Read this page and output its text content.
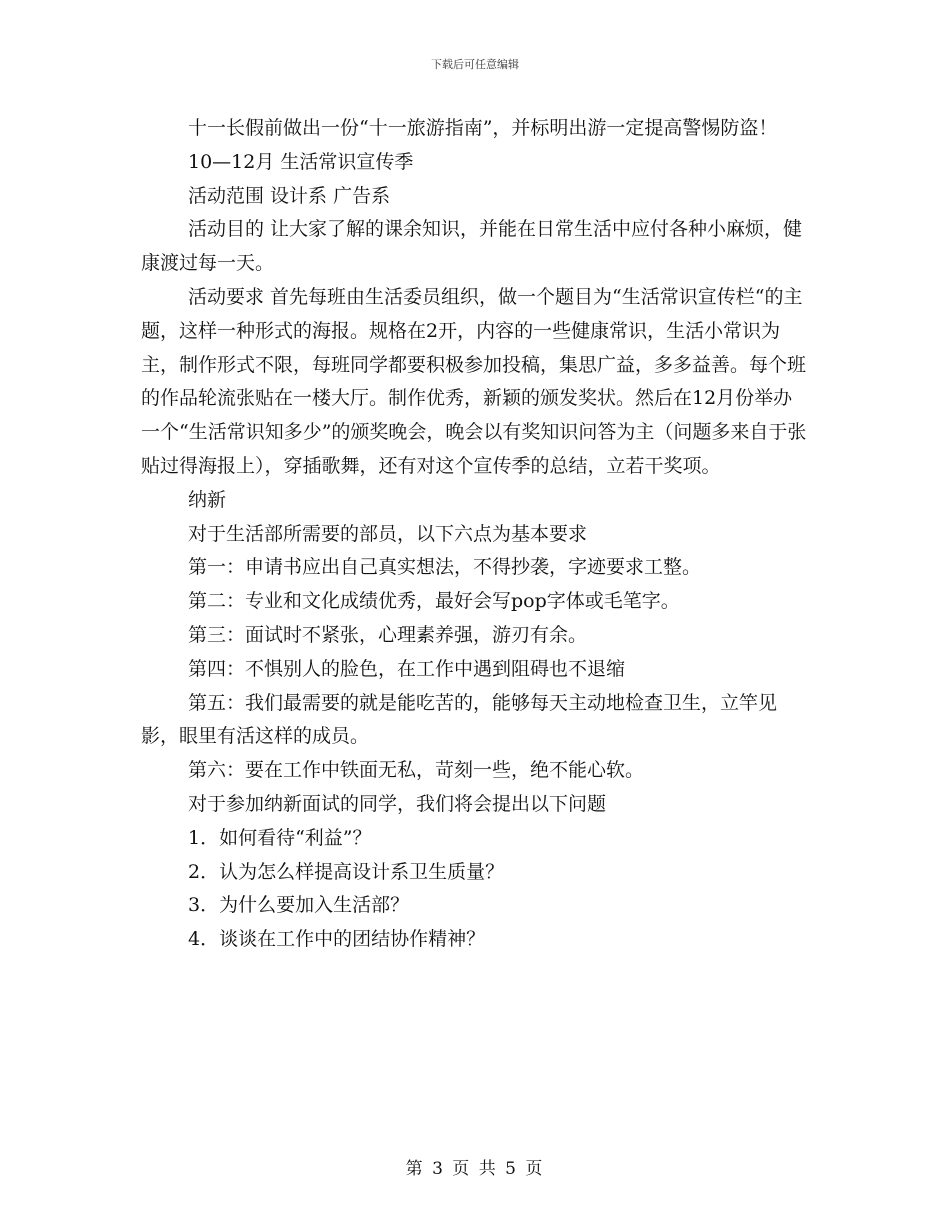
下载后可任意编辑

十一长假前做出一份“十一旅游指南”，并标明出游一定提高警惕防盗！

10—12月 生活常识宣传季

活动范围 设计系 广告系

活动目的 让大家了解的课余知识，并能在日常生活中应付各种小麻烦，健康渡过每一天。

活动要求 首先每班由生活委员组织，做一个题目为“生活常识宣传栏“的主题，这样一种形式的海报。规格在2开，内容的一些健康常识，生活小常识为主，制作形式不限，每班同学都要积极参加投稿，集思广益，多多益善。每个班的作品轮流张贴在一楼大厅。制作优秀，新颖的颁发奖状。然后在12月份举办一个“生活常识知多少”的颁奖晚会，晚会以有奖知识问答为主（问题多来自于张贴过得海报上），穿插歌舞，还有对这个宣传季的总结，立若干奖项。

纳新

对于生活部所需要的部员，以下六点为基本要求

第一：申请书应出自己真实想法，不得抄袭，字迹要求工整。

第二：专业和文化成绩优秀，最好会写pop字体或毛笔字。

第三：面试时不紧张，心理素养强，游刃有余。

第四：不惧别人的脸色，在工作中遇到阻碍也不退缩

第五：我们最需要的就是能吃苦的，能够每天主动地检查卫生，立竿见影，眼里有活这样的成员。

第六：要在工作中铁面无私，苛刻一些，绝不能心软。

对于参加纳新面试的同学，我们将会提出以下问题

1．如何看待“利益”？

2．认为怎么样提高设计系卫生质量？

3．为什么要加入生活部？

4．谈谈在工作中的团结协作精神？

第 3 页 共 5 页
